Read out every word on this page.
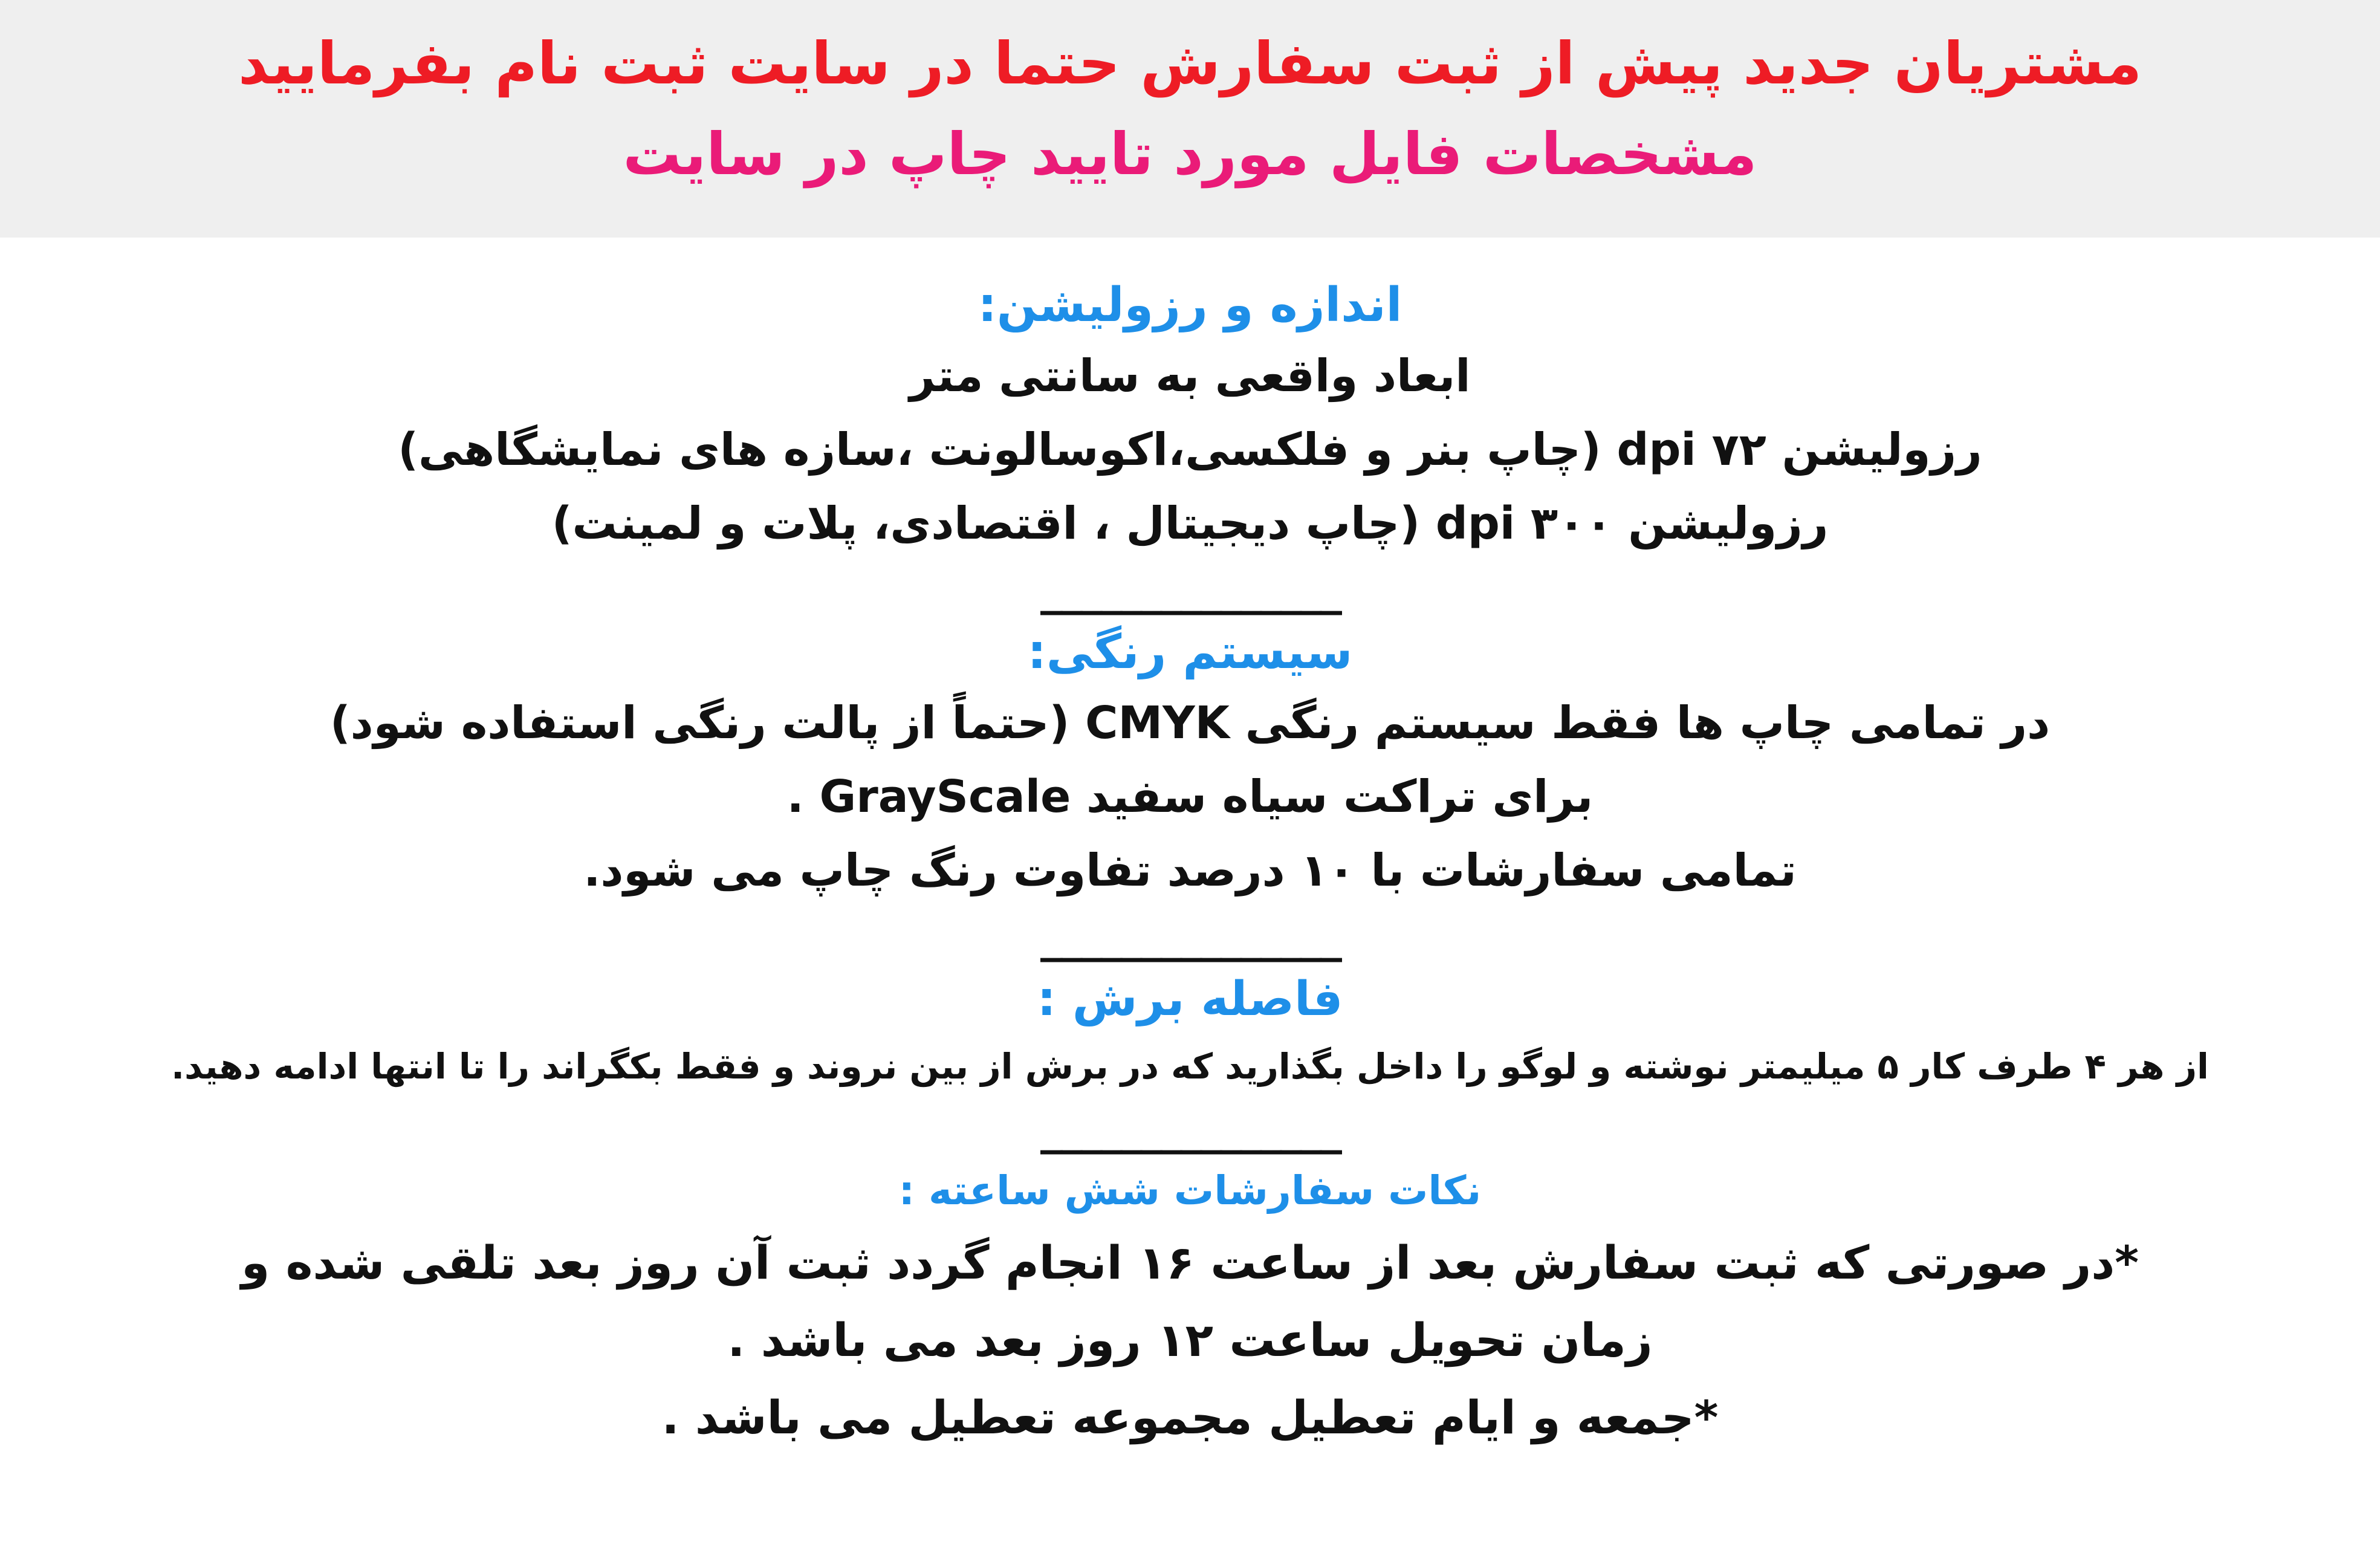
مشتریان جدید پیش از ثبت سفارش حتما در سایت ثبت نام بفرمایید
مشخصات فایل مورد تایید چاپ در سایت
اندازه و رزولیشن:
ابعاد واقعی به سانتی متر
رزولیشن dpi ۷۲ (چاپ بنر و فلکسی،اکوسالونت ،سازه های نمایشگاهی)
رزولیشن dpi ۳۰۰ (چاپ دیجیتال ، اقتصادی، پلات و لمینت)
_______________
سیستم رنگی:
در تمامی چاپ ها فقط سیستم رنگی CMYK (حتماً از پالت رنگی استفاده شود)
برای تراکت سیاه سفید GrayScale .
تمامی سفارشات با ۱۰ درصد تفاوت رنگ چاپ می شود.
_______________
فاصله برش :
از هر ۴ طرف کار ۵ میلیمتر نوشته و لوگو را داخل بگذارید که در برش از بین نروند و فقط بکگراند را تا انتها ادامه دهید.
_______________
نکات سفارشات شش ساعته :
*در صورتی که ثبت سفارش بعد از ساعت ۱۶ انجام گردد ثبت آن روز بعد تلقی شده و
زمان تحویل ساعت ۱۲ روز بعد می باشد .
*جمعه و ایام تعطیل مجموعه تعطیل می باشد .
